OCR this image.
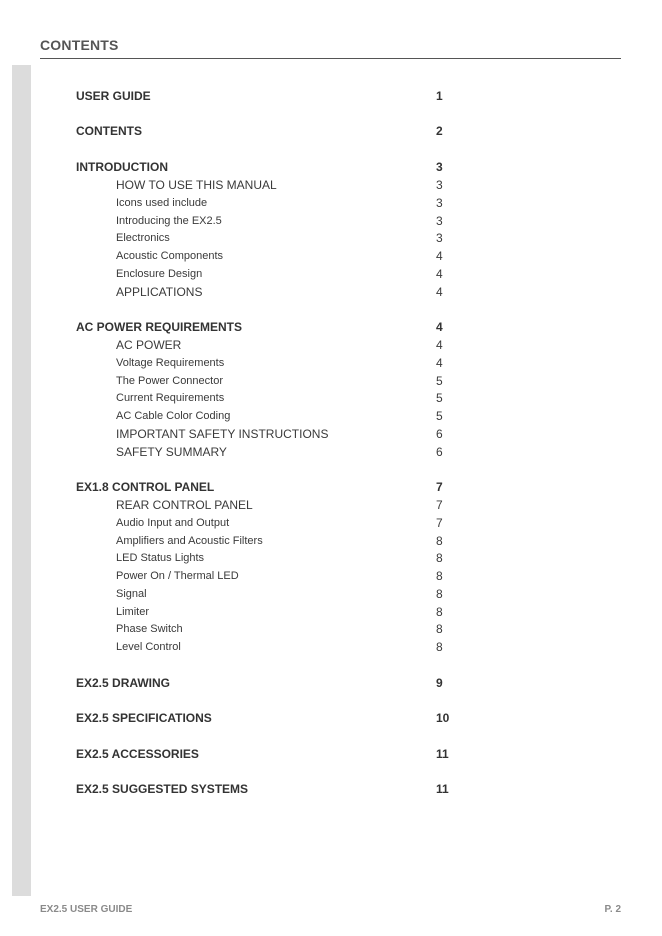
CONTENTS
USER GUIDE	1
CONTENTS	2
INTRODUCTION	3
HOW TO USE THIS MANUAL	3
Icons used include	3
Introducing the EX2.5	3
Electronics	3
Acoustic Components	4
Enclosure Design	4
APPLICATIONS	4
AC POWER REQUIREMENTS	4
AC POWER	4
Voltage Requirements	4
The Power Connector	5
Current Requirements	5
AC Cable Color Coding	5
IMPORTANT SAFETY INSTRUCTIONS	6
SAFETY SUMMARY	6
EX1.8 CONTROL PANEL	7
REAR CONTROL PANEL	7
Audio Input and Output	7
Amplifiers and Acoustic Filters	8
LED Status Lights	8
Power On / Thermal LED	8
Signal	8
Limiter	8
Phase Switch	8
Level Control	8
EX2.5 DRAWING	9
EX2.5 SPECIFICATIONS	10
EX2.5 ACCESSORIES	11
EX2.5 SUGGESTED SYSTEMS	11
EX2.5 USER GUIDE	P. 2
